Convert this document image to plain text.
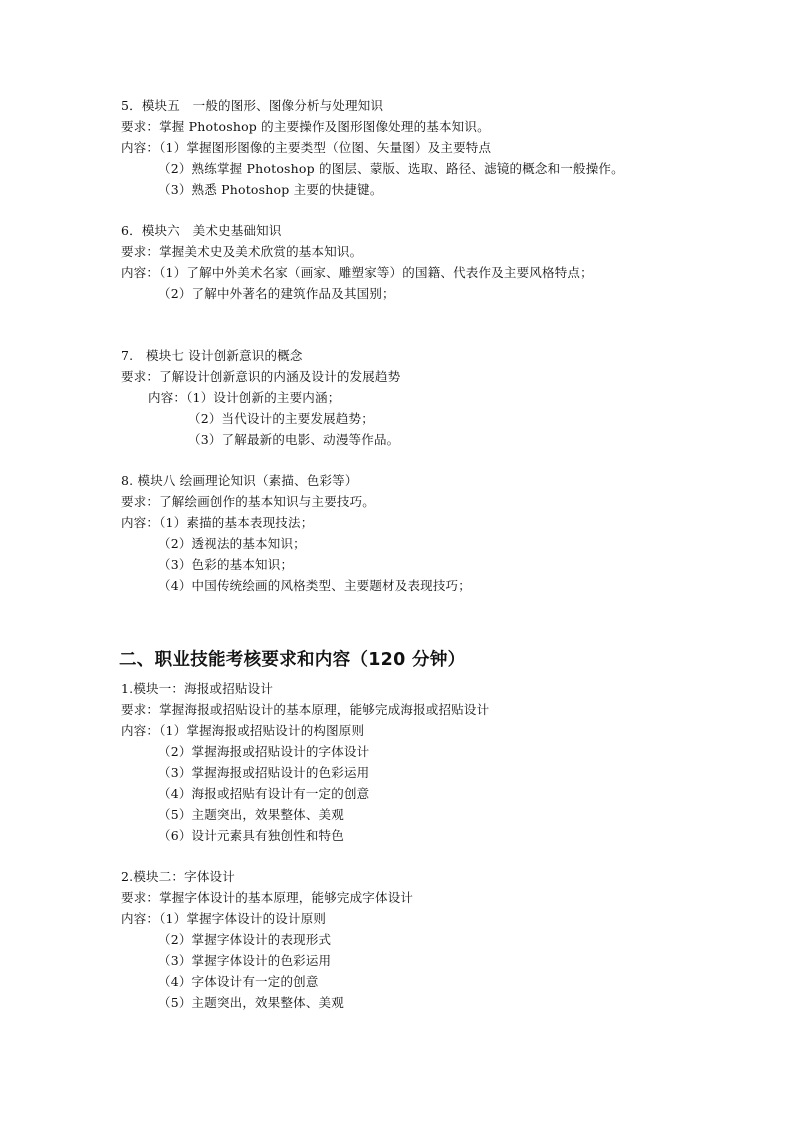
5．模块五　一般的图形、图像分析与处理知识
要求：掌握 Photoshop 的主要操作及图形图像处理的基本知识。
内容：（1）掌握图形图像的主要类型（位图、矢量图）及主要特点
（2）熟练掌握 Photoshop 的图层、蒙版、选取、路径、滤镜的概念和一般操作。
（3）熟悉 Photoshop 主要的快捷键。
6．模块六　美术史基础知识
要求：掌握美术史及美术欣赏的基本知识。
内容：（1）了解中外美术名家（画家、雕塑家等）的国籍、代表作及主要风格特点；
（2）了解中外著名的建筑作品及其国别；
7.　模块七 设计创新意识的概念
要求：了解设计创新意识的内涵及设计的发展趋势
内容：（1）设计创新的主要内涵；
（2）当代设计的主要发展趋势；
（3）了解最新的电影、动漫等作品。
8. 模块八 绘画理论知识（素描、色彩等）
要求：了解绘画创作的基本知识与主要技巧。
内容：（1）素描的基本表现技法；
（2）透视法的基本知识；
（3）色彩的基本知识；
（4）中国传统绘画的风格类型、主要题材及表现技巧；
二、职业技能考核要求和内容（120 分钟）
1.模块一：海报或招贴设计
要求：掌握海报或招贴设计的基本原理，能够完成海报或招贴设计
内容：（1）掌握海报或招贴设计的构图原则
（2）掌握海报或招贴设计的字体设计
（3）掌握海报或招贴设计的色彩运用
（4）海报或招贴有设计有一定的创意
（5）主题突出，效果整体、美观
（6）设计元素具有独创性和特色
2.模块二：字体设计
要求：掌握字体设计的基本原理，能够完成字体设计
内容：（1）掌握字体设计的设计原则
（2）掌握字体设计的表现形式
（3）掌握字体设计的色彩运用
（4）字体设计有一定的创意
（5）主题突出，效果整体、美观
